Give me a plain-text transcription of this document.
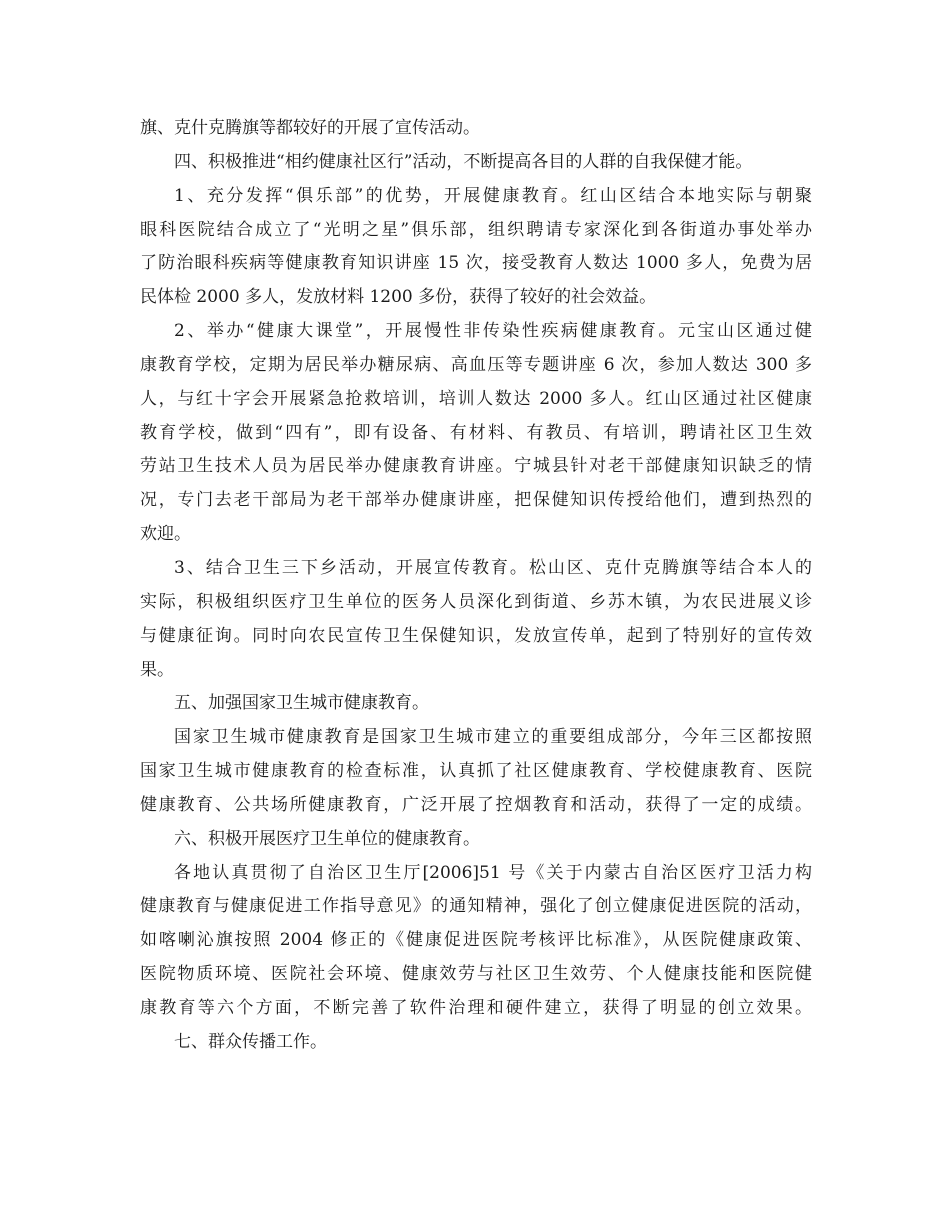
旗、克什克腾旗等都较好的开展了宣传活动。
四、积极推进“相约健康社区行”活动，不断提高各目的人群的自我保健才能。
1、充分发挥“俱乐部”的优势，开展健康教育。红山区结合本地实际与朝聚
眼科医院结合成立了“光明之星”俱乐部，组织聘请专家深化到各街道办事处举办
了防治眼科疾病等健康教育知识讲座 15 次，接受教育人数达 1000 多人，免费为居
民体检 2000 多人，发放材料 1200 多份，获得了较好的社会效益。
2、举办“健康大课堂”，开展慢性非传染性疾病健康教育。元宝山区通过健
康教育学校，定期为居民举办糖尿病、高血压等专题讲座 6 次，参加人数达 300 多
人，与红十字会开展紧急抢救培训，培训人数达 2000 多人。红山区通过社区健康
教育学校，做到“四有”，即有设备、有材料、有教员、有培训，聘请社区卫生效
劳站卫生技术人员为居民举办健康教育讲座。宁城县针对老干部健康知识缺乏的情
况，专门去老干部局为老干部举办健康讲座，把保健知识传授给他们，遭到热烈的
欢迎。
3、结合卫生三下乡活动，开展宣传教育。松山区、克什克腾旗等结合本人的
实际，积极组织医疗卫生单位的医务人员深化到街道、乡苏木镇，为农民进展义诊
与健康征询。同时向农民宣传卫生保健知识，发放宣传单，起到了特别好的宣传效
果。
五、加强国家卫生城市健康教育。
国家卫生城市健康教育是国家卫生城市建立的重要组成部分，今年三区都按照
国家卫生城市健康教育的检查标准，认真抓了社区健康教育、学校健康教育、医院
健康教育、公共场所健康教育，广泛开展了控烟教育和活动，获得了一定的成绩。
六、积极开展医疗卫生单位的健康教育。
各地认真贯彻了自治区卫生厅[2006]51 号《关于内蒙古自治区医疗卫活力构
健康教育与健康促进工作指导意见》的通知精神，强化了创立健康促进医院的活动，
如喀喇沁旗按照 2004 修正的《健康促进医院考核评比标准》，从医院健康政策、
医院物质环境、医院社会环境、健康效劳与社区卫生效劳、个人健康技能和医院健
康教育等六个方面，不断完善了软件治理和硬件建立，获得了明显的创立效果。
七、群众传播工作。
